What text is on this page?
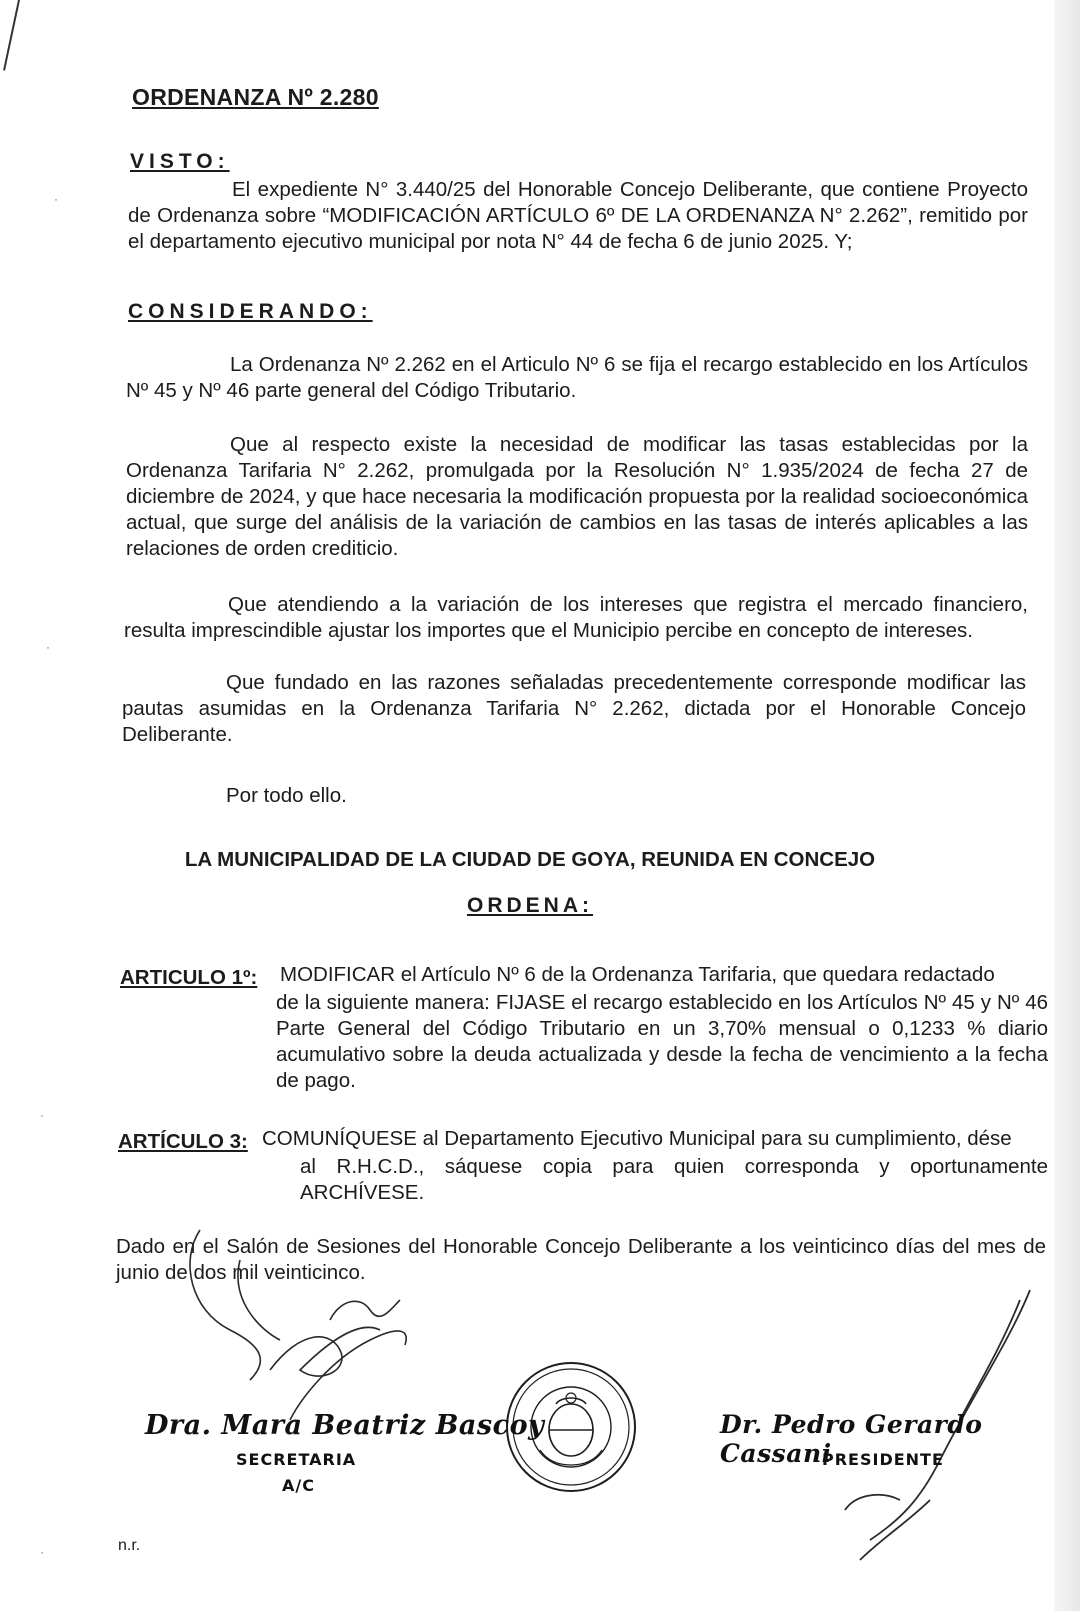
·
·
·
·
ORDENANZA Nº 2.280
VISTO:

El expediente N° 3.440/25 del Honorable Concejo Deliberante, que contiene Proyecto de Ordenanza sobre “MODIFICACIÓN ARTÍCULO 6º DE LA ORDENANZA N° 2.262”, remitido por el departamento ejecutivo municipal por nota N° 44 de fecha 6 de junio 2025. Y;

CONSIDERANDO:

La Ordenanza Nº 2.262 en el Articulo Nº 6 se fija el recargo establecido en los Artículos Nº 45 y Nº 46 parte general del Código Tributario.

Que al respecto existe la necesidad de modificar las tasas establecidas por la Ordenanza Tarifaria N° 2.262, promulgada por la Resolución N° 1.935/2024 de fecha 27 de diciembre de 2024, y que hace necesaria la modificación propuesta por la realidad socioeconómica actual, que surge del análisis de la variación de cambios en las tasas de interés aplicables a las relaciones de orden crediticio.

Que atendiendo a la variación de los intereses que registra el mercado financiero, resulta imprescindible ajustar los importes que el Municipio percibe en concepto de intereses.

Que fundado en las razones señaladas precedentemente corresponde modificar las pautas asumidas en la Ordenanza Tarifaria N° 2.262, dictada por el Honorable Concejo Deliberante.

Por todo ello.

LA MUNICIPALIDAD DE LA CIUDAD DE GOYA, REUNIDA EN CONCEJO
ORDENA:
ARTICULO 1º: MODIFICAR el Artículo Nº 6 de la Ordenanza Tarifaria, que quedara redactado

de la siguiente manera: FIJASE el recargo establecido en los Artículos Nº 45 y Nº 46 Parte General del Código Tributario en un 3,70% mensual o 0,1233 % diario acumulativo sobre la deuda actualizada y desde la fecha de vencimiento a la fecha de pago.

ARTÍCULO 3: COMUNÍQUESE al Departamento Ejecutivo Municipal para su cumplimiento, dése

al R.H.C.D., sáquese copia para quien corresponda y oportunamente ARCHÍVESE.

Dado en el Salón de Sesiones del Honorable Concejo Deliberante a los veinticinco días del mes de junio de dos mil veinticinco.

Dra. Mara Beatriz Bascoy
SECRETARIA
A/C
Dr. Pedro Gerardo Cassani
PRESIDENTE
n.r.
